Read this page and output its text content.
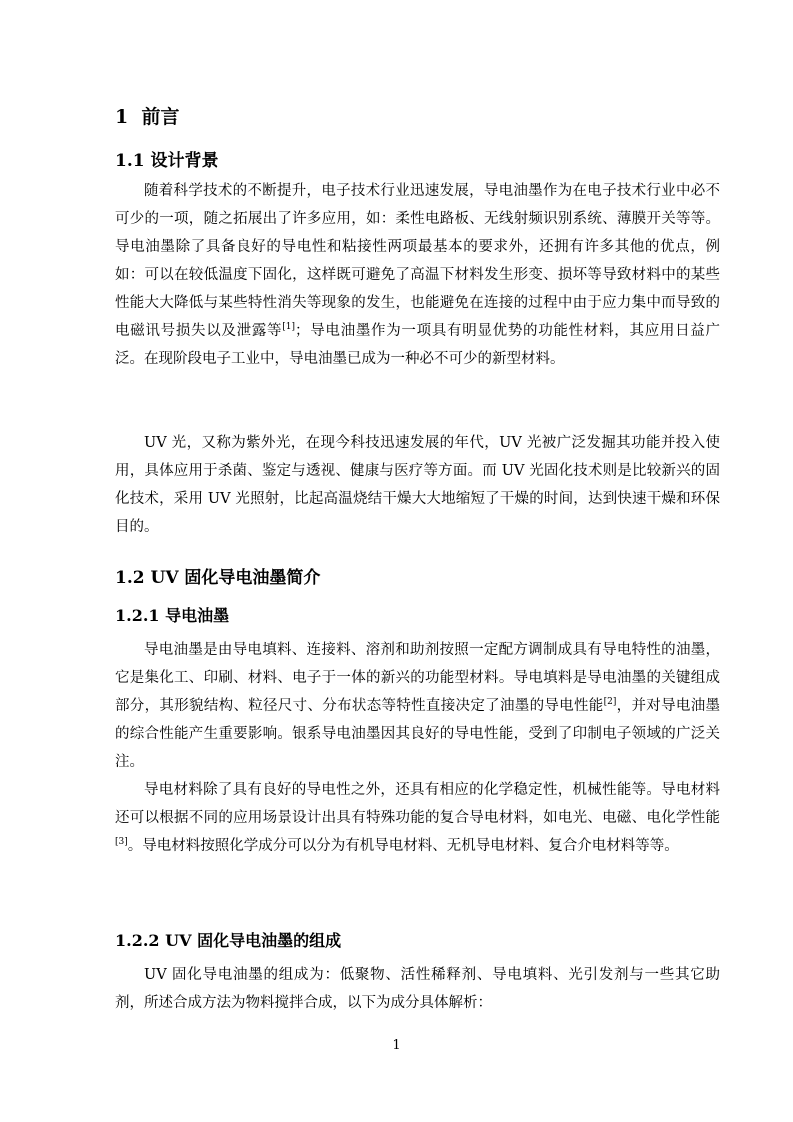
1 前言
1.1 设计背景

随着科学技术的不断提升，电子技术行业迅速发展，导电油墨作为在电子技术行业中必不可少的一项，随之拓展出了许多应用，如：柔性电路板、无线射频识别系统、薄膜开关等等。导电油墨除了具备良好的导电性和粘接性两项最基本的要求外，还拥有许多其他的优点，例如：可以在较低温度下固化，这样既可避免了高温下材料发生形变、损坏等导致材料中的某些性能大大降低与某些特性消失等现象的发生，也能避免在连接的过程中由于应力集中而导致的电磁讯号损失以及泄露等[1]；导电油墨作为一项具有明显优势的功能性材料，其应用日益广泛。在现阶段电子工业中，导电油墨已成为一种必不可少的新型材料。

UV 光，又称为紫外光，在现今科技迅速发展的年代，UV 光被广泛发掘其功能并投入使用，具体应用于杀菌、鉴定与透视、健康与医疗等方面。而 UV 光固化技术则是比较新兴的固化技术，采用 UV 光照射，比起高温烧结干燥大大地缩短了干燥的时间，达到快速干燥和环保目的。

1.2 UV 固化导电油墨简介
1.2.1 导电油墨

导电油墨是由导电填料、连接料、溶剂和助剂按照一定配方调制成具有导电特性的油墨，它是集化工、印刷、材料、电子于一体的新兴的功能型材料。导电填料是导电油墨的关键组成部分，其形貌结构、粒径尺寸、分布状态等特性直接决定了油墨的导电性能[2]，并对导电油墨的综合性能产生重要影响。银系导电油墨因其良好的导电性能，受到了印制电子领域的广泛关注。

导电材料除了具有良好的导电性之外，还具有相应的化学稳定性，机械性能等。导电材料还可以根据不同的应用场景设计出具有特殊功能的复合导电材料，如电光、电磁、电化学性能[3]。导电材料按照化学成分可以分为有机导电材料、无机导电材料、复合介电材料等等。

1.2.2 UV 固化导电油墨的组成

UV 固化导电油墨的组成为：低聚物、活性稀释剂、导电填料、光引发剂与一些其它助剂，所述合成方法为物料搅拌合成，以下为成分具体解析：

1
